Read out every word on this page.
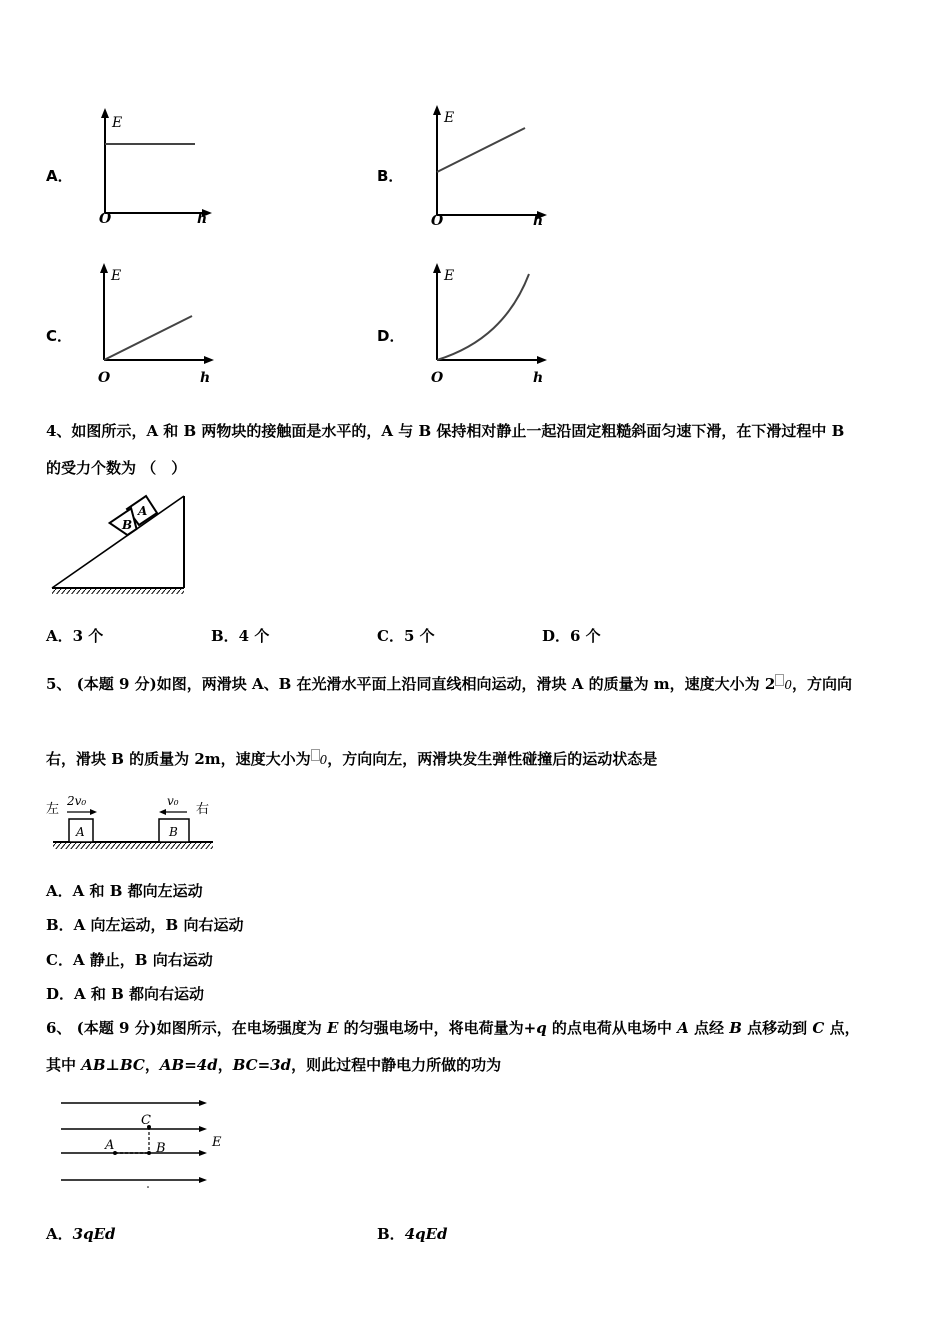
A．
E
O	h
B．
E
O	h
C．
E
O	h
D．
E
O	h
4、如图所示，A 和 B 两物块的接触面是水平的，A 与 B 保持相对静止一起沿固定粗糙斜面匀速下滑，在下滑过程中 B
的受力个数为 （　）
A
B
A．3 个	B．4 个	C．5 个	D．6 个
5、 (本题 9 分)如图，两滑块 A、B 在光滑水平面上沿同直线相向运动，滑块 A 的质量为 m，速度大小为 2 0，方向向
右，滑块 B 的质量为 2m，速度大小为 0，方向向左，两滑块发生弹性碰撞后的运动状态是
A	B
左	右
2v₀	v₀
A．A 和 B 都向左运动
B．A 向左运动，B 向右运动
C．A 静止，B 向右运动
D．A 和 B 都向右运动
6、 (本题 9 分)如图所示，在电场强度为 E 的匀强电场中，将电荷量为+q 的点电荷从电场中 A 点经 B 点移动到 C 点，
其中 AB⊥BC，AB=4d，BC=3d，则此过程中静电力所做的功为
C
A	B	E
A．3qEd	B．4qEd
